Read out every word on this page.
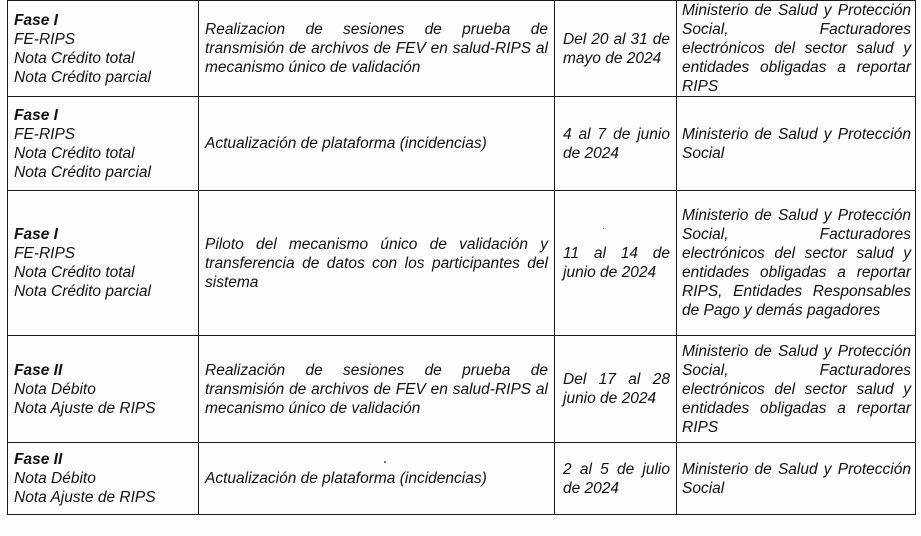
Fase I
FE-RIPS
Nota Crédito total
Nota Crédito parcial	Realizacion de sesiones de prueba de transmisión de archivos de FEV en salud-RIPS al mecanismo único de validación	Del 20 al 31 de mayo de 2024	Ministerio de Salud y Protección Social, Facturadores electrónicos del sector salud y entidades obligadas a reportar RIPS

Fase I
FE-RIPS
Nota Crédito total
Nota Crédito parcial	Actualización de plataforma (incidencias)	4 al 7 de junio de 2024	Ministerio de Salud y Protección Social

Fase I
FE-RIPS
Nota Crédito total
Nota Crédito parcial	Piloto del mecanismo único de validación y transferencia de datos con los participantes del sistema	11 al 14 de junio de 2024	Ministerio de Salud y Protección Social, Facturadores electrónicos del sector salud y entidades obligadas a reportar RIPS, Entidades Responsables de Pago y demás pagadores

Fase II
Nota Débito
Nota Ajuste de RIPS	Realización de sesiones de prueba de transmisión de archivos de FEV en salud-RIPS al mecanismo único de validación	Del 17 al 28 junio de 2024	Ministerio de Salud y Protección Social, Facturadores electrónicos del sector salud y entidades obligadas a reportar RIPS

Fase II
Nota Débito
Nota Ajuste de RIPS	Actualización de plataforma (incidencias)	2 al 5 de julio de 2024	Ministerio de Salud y Protección Social
